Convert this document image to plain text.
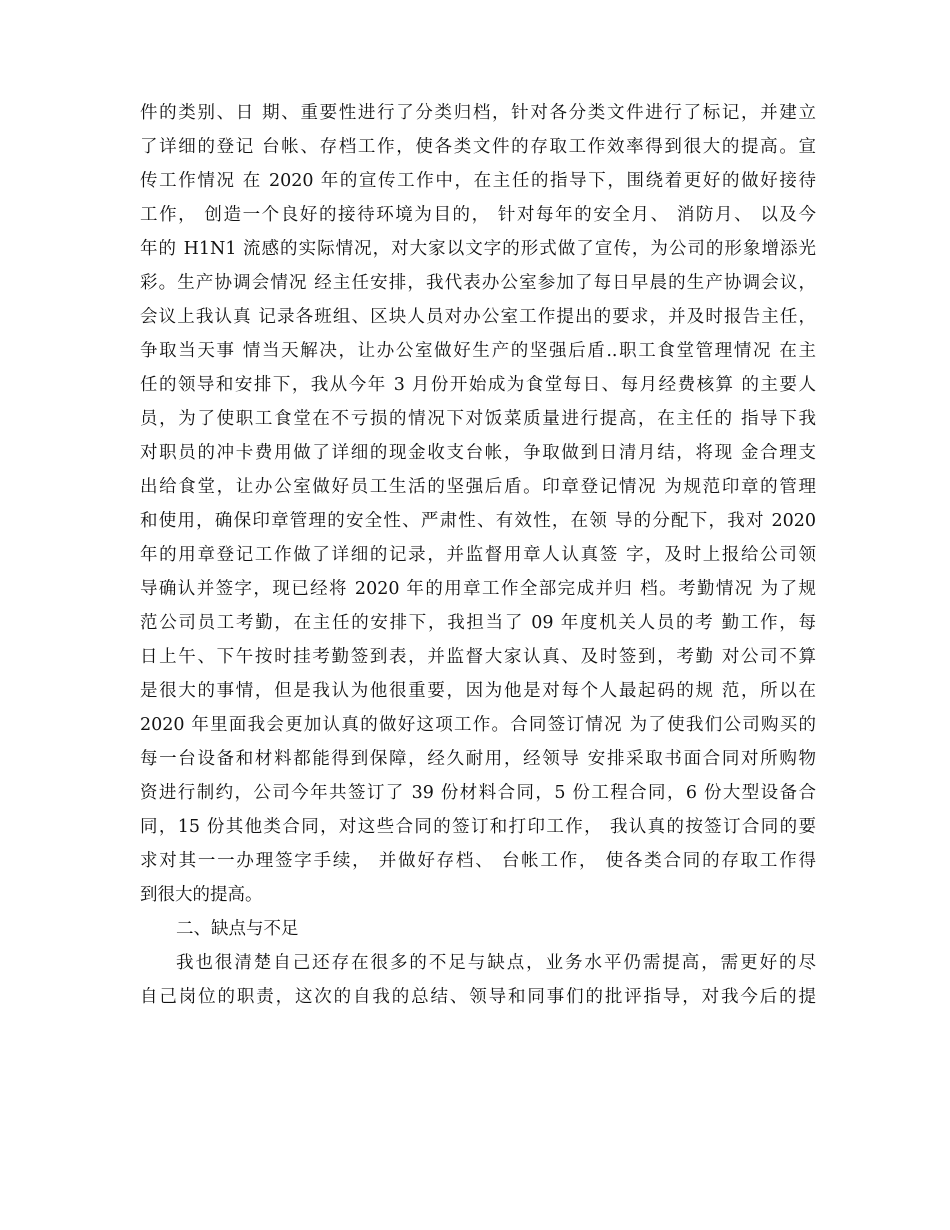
件的类别、日 期、重要性进行了分类归档，针对各分类文件进行了标记，并建立
了详细的登记 台帐、存档工作，使各类文件的存取工作效率得到很大的提高。宣
传工作情况 在 2020 年的宣传工作中，在主任的指导下，围绕着更好的做好接待
工作， 创造一个良好的接待环境为目的， 针对每年的安全月、 消防月、 以及今
年的 H1N1 流感的实际情况，对大家以文字的形式做了宣传，为公司的形象增添光
彩。生产协调会情况 经主任安排，我代表办公室参加了每日早晨的生产协调会议，
会议上我认真 记录各班组、区块人员对办公室工作提出的要求，并及时报告主任，
争取当天事 情当天解决，让办公室做好生产的坚强后盾..职工食堂管理情况 在主
任的领导和安排下，我从今年 3 月份开始成为食堂每日、每月经费核算 的主要人
员，为了使职工食堂在不亏损的情况下对饭菜质量进行提高，在主任的 指导下我
对职员的冲卡费用做了详细的现金收支台帐，争取做到日清月结，将现 金合理支
出给食堂，让办公室做好员工生活的坚强后盾。印章登记情况 为规范印章的管理
和使用，确保印章管理的安全性、严肃性、有效性，在领 导的分配下，我对 2020
年的用章登记工作做了详细的记录，并监督用章人认真签 字，及时上报给公司领
导确认并签字，现已经将 2020 年的用章工作全部完成并归 档。考勤情况 为了规
范公司员工考勤，在主任的安排下，我担当了 09 年度机关人员的考 勤工作，每
日上午、下午按时挂考勤签到表，并监督大家认真、及时签到，考勤 对公司不算
是很大的事情，但是我认为他很重要，因为他是对每个人最起码的规 范，所以在
2020 年里面我会更加认真的做好这项工作。合同签订情况 为了使我们公司购买的
每一台设备和材料都能得到保障，经久耐用，经领导 安排采取书面合同对所购物
资进行制约，公司今年共签订了 39 份材料合同，5 份工程合同，6 份大型设备合
同，15 份其他类合同，对这些合同的签订和打印工作， 我认真的按签订合同的要
求对其一一办理签字手续， 并做好存档、 台帐工作， 使各类合同的存取工作得
到很大的提高。
二、缺点与不足
我也很清楚自己还存在很多的不足与缺点，业务水平仍需提高，需更好的尽
自己岗位的职责，这次的自我的总结、领导和同事们的批评指导，对我今后的提
